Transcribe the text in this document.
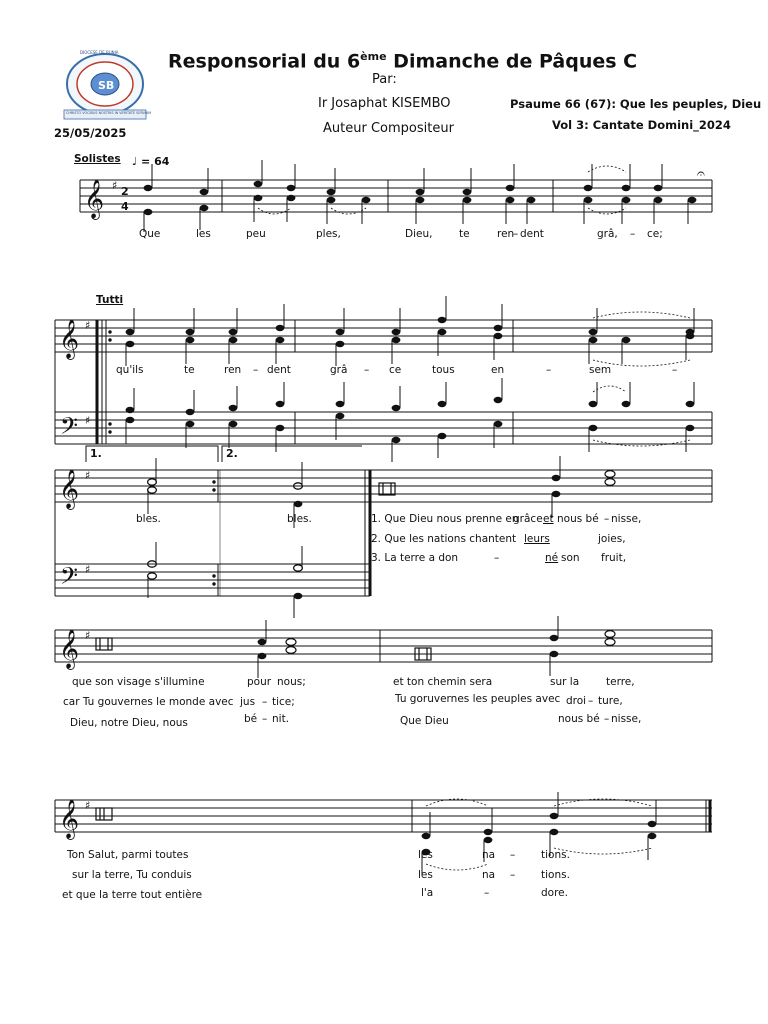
SB
DIOCESE DE BUNIA
CHRISTO VOCIBUS NOSTRIS IN VERITATE SERVIAM
Responsorial du 6ème Dimanche de Pâques C
Par:
Ir Josaphat KISEMBO
Auteur Compositeur
Psaume 66 (67): Que les peuples, Dieu
Vol 3: Cantate Domini_2024
25/05/2025
Solistes ♩ = 64
Tutti
1.	2.
𝄞 ♯ 2
4
𝄞 ♯
𝄢 ♯
𝄞 ♯
𝄢 ♯
𝄞 ♯
𝄞 ♯
𝄐
Que	les	peu	ples,	Dieu,	te	ren
– dent	grâ, – ce;
qu'ils	te	ren – dent	grâ – ce	tous	en	–	sem	–
bles.	bles.	1. Que Dieu nous prenne en
grâce et nous bé – nisse,
2. Que les nations chantent leurs	joies,
3. La terre a don	–	né son fruit,
que son visage s'illumine	pour nous;
car Tu gouvernes le monde avec jus – tice;
Dieu, notre Dieu, nous	bé – nit.
et ton chemin sera	sur la	terre,
Tu goruvernes les peuples avec droi – ture,
Que Dieu	nous bé – nisse,
Ton Salut, parmi toutes	les	na – tions.
sur la terre, Tu conduis	les	na – tions.
et que la terre tout entière	l'a	–	dore.
